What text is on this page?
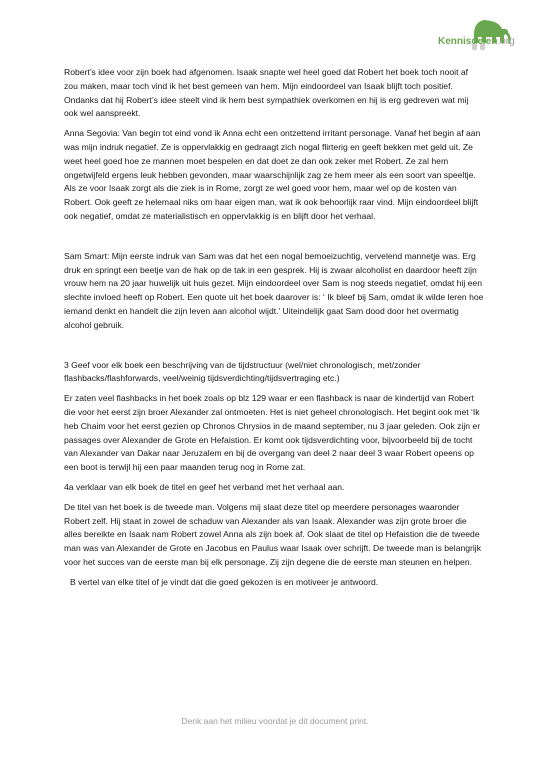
Kennisdelen.org

Robert’s idee voor zijn boek had afgenomen. Isaak snapte wel heel goed dat Robert het boek toch nooit af zou maken, maar toch vind ik het best gemeen van hem. Mijn eindoordeel van Isaak blijft toch positief. Ondanks dat hij Robert’s idee steelt vind ik hem best sympathiek overkomen en hij is erg gedreven wat mij ook wel aanspreekt.

Anna Segovia: Van begin tot eind vond ik Anna echt een ontzettend irritant personage. Vanaf het begin af aan was mijn indruk negatief. Ze is oppervlakkig en gedraagt zich nogal flirterig en geeft bekken met geld uit. Ze weet heel goed hoe ze mannen moet bespelen en dat doet ze dan ook zeker met Robert. Ze zal hem ongetwijfeld ergens leuk hebben gevonden, maar waarschijnlijk zag ze hem meer als een soort van speeltje. Als ze voor Isaak zorgt als die ziek is in Rome, zorgt ze wel goed voor hem, maar wel op de kosten van Robert. Ook geeft ze helemaal niks om haar eigen man, wat ik ook behoorlijk raar vind. Mijn eindoordeel blijft ook negatief, omdat ze materialistisch en oppervlakkig is en blijft door het verhaal.

Sam Smart: Mijn eerste indruk van Sam was dat het een nogal bemoeizuchtig, vervelend mannetje was. Erg druk en springt een beetje van de hak op de tak in een gesprek. Hij is zwaar alcoholist en daardoor heeft zijn vrouw hem na 20 jaar huwelijk uit huis gezet. Mijn eindoordeel over Sam is nog steeds negatief, omdat hij een slechte invloed heeft op Robert. Een quote uit het boek daarover is: ‘ Ik bleef bij Sam, omdat ik wilde leren hoe iemand denkt en handelt die zijn leven aan alcohol wijdt.’ Uiteindelijk gaat Sam dood door het overmatig alcohol gebruik.

3 Geef voor elk boek een beschrijving van de tijdstructuur (wel/niet chronologisch, met/zonder flashbacks/flashforwards, veel/weinig tijdsverdichting/tijdsvertraging etc.)

Er zaten veel flashbacks in het boek zoals op blz 129 waar er een flashback is naar de kindertijd van Robert die voor het eerst zijn broer Alexander zal ontmoeten. Het is niet geheel chronologisch. Het begint ook met ‘Ik heb Chaim voor het eerst gezien op Chronos Chrysios in de maand september, nu 3 jaar geleden. Ook zijn er passages over Alexander de Grote en Hefaistion. Er komt ook tijdsverdichting voor, bijvoorbeeld bij de tocht van Alexander van Dakar naar Jeruzalem en bij de overgang van deel 2 naar deel 3 waar Robert opeens op een boot is terwijl hij een paar maanden terug nog in Rome zat.

4a verklaar van elk boek de titel en geef het verband met het verhaal aan.

De titel van het boek is de tweede man. Volgens mij slaat deze titel op meerdere personages waaronder Robert zelf. Hij staat in zowel de schaduw van Alexander als van Isaak. Alexander was zijn grote broer die alles bereikte en Isaak nam Robert zowel Anna als zijn boek af. Ook slaat de titel op Hefaistion die de tweede man was van Alexander de Grote en Jacobus en Paulus waar Isaak over schrijft. De tweede man is belangrijk voor het succes van de eerste man bij elk personage. Zij zijn degene die de eerste man steunen en helpen.

B vertel van elke titel of je vindt dat die goed gekozen is en motiveer je antwoord.

Denk aan het milieu voordat je dit document print.
